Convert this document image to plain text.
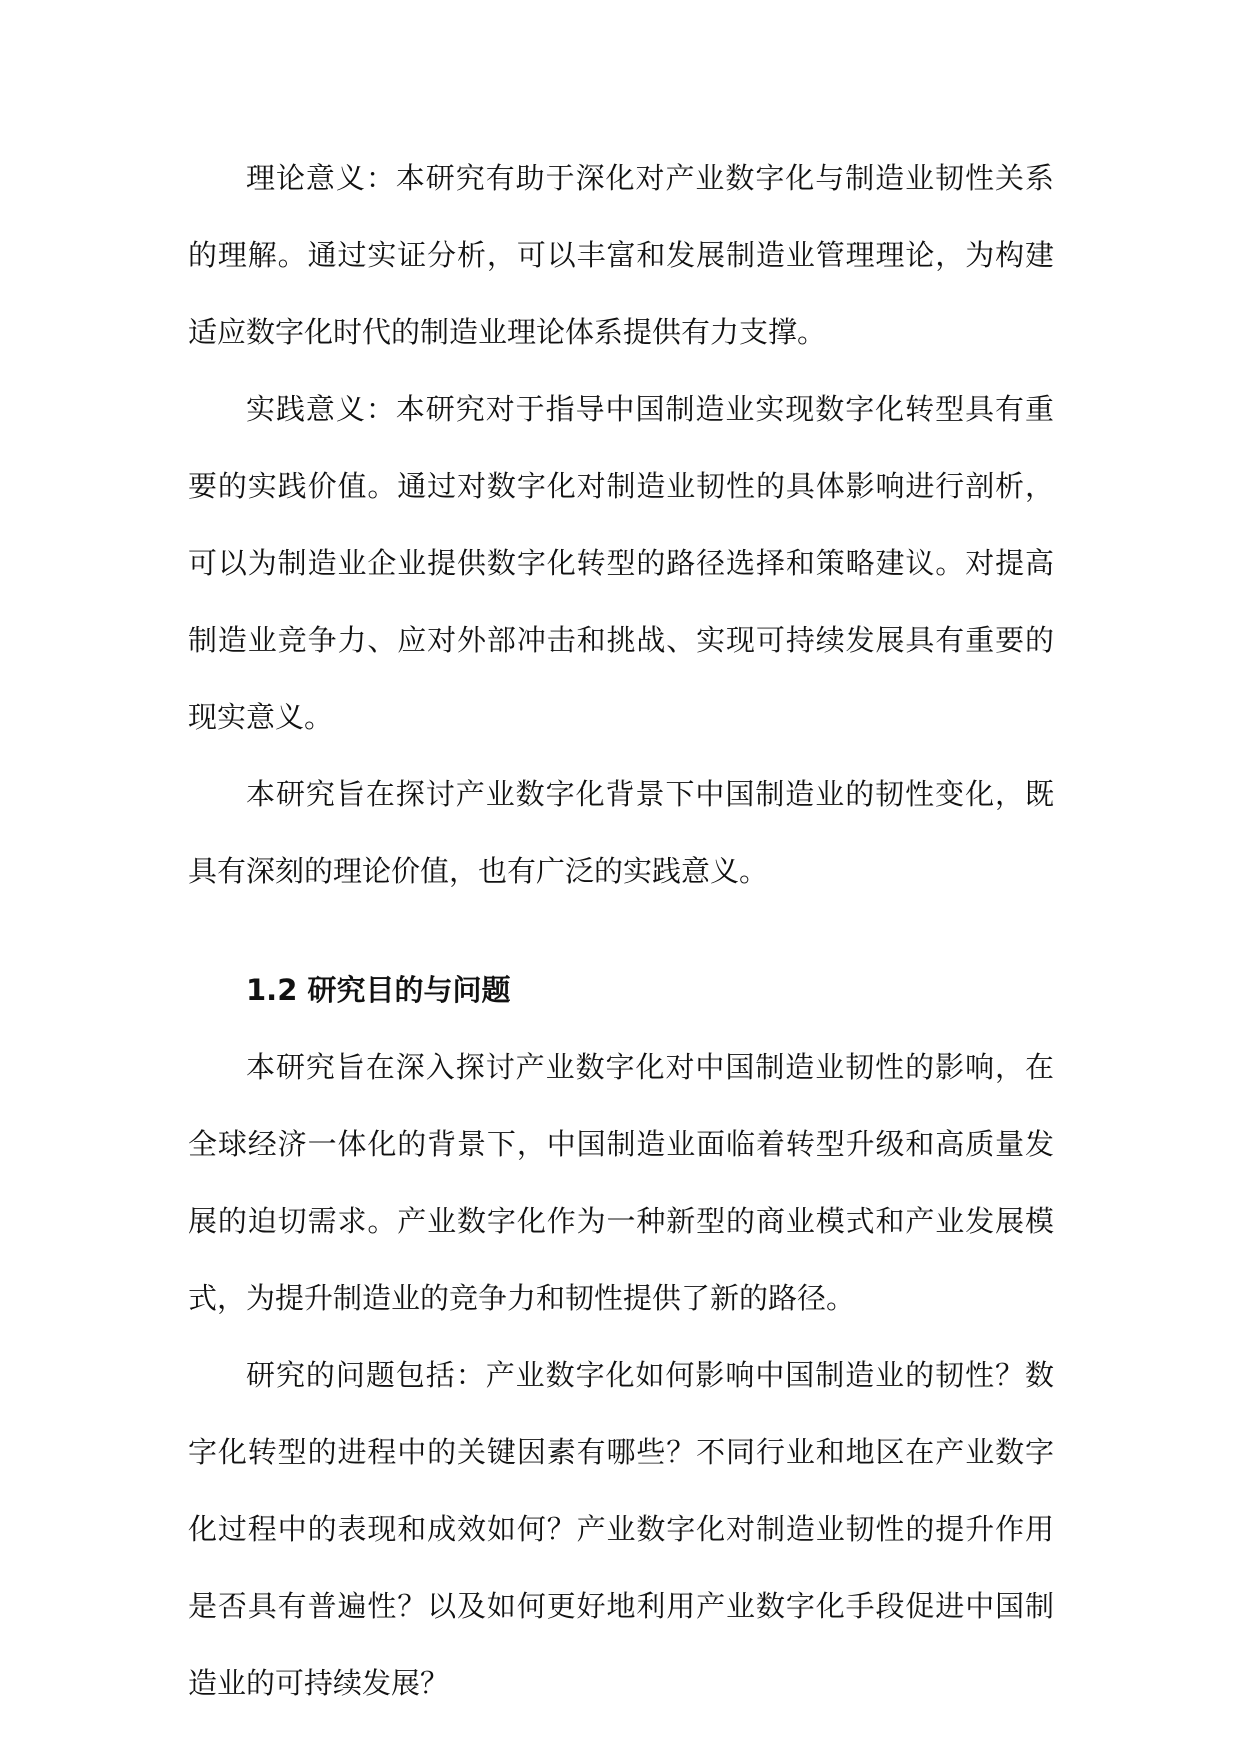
理论意义：本研究有助于深化对产业数字化与制造业韧性关系的理解。通过实证分析，可以丰富和发展制造业管理理论，为构建适应数字化时代的制造业理论体系提供有力支撑。

实践意义：本研究对于指导中国制造业实现数字化转型具有重要的实践价值。通过对数字化对制造业韧性的具体影响进行剖析，可以为制造业企业提供数字化转型的路径选择和策略建议。对提高制造业竞争力、应对外部冲击和挑战、实现可持续发展具有重要的现实意义。

本研究旨在探讨产业数字化背景下中国制造业的韧性变化，既具有深刻的理论价值，也有广泛的实践意义。

1.2 研究目的与问题

本研究旨在深入探讨产业数字化对中国制造业韧性的影响，在全球经济一体化的背景下，中国制造业面临着转型升级和高质量发展的迫切需求。产业数字化作为一种新型的商业模式和产业发展模式，为提升制造业的竞争力和韧性提供了新的路径。

研究的问题包括：产业数字化如何影响中国制造业的韧性？数字化转型的进程中的关键因素有哪些？不同行业和地区在产业数字化过程中的表现和成效如何？产业数字化对制造业韧性的提升作用是否具有普遍性？以及如何更好地利用产业数字化手段促进中国制造业的可持续发展？
